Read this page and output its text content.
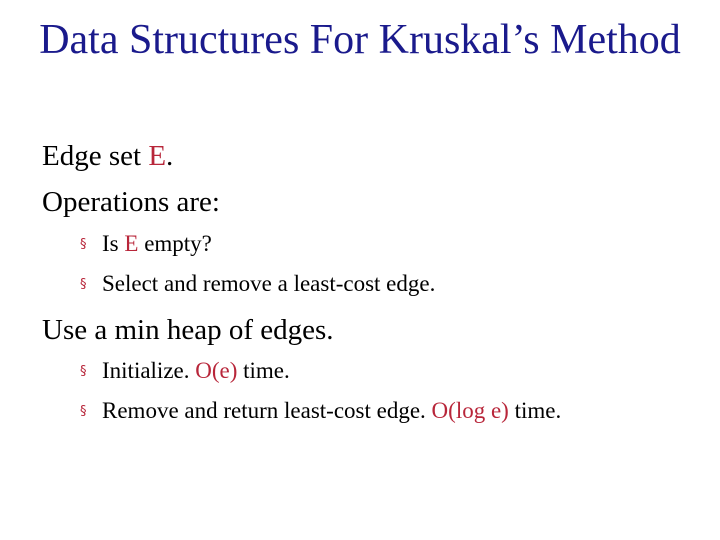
Data Structures For Kruskal’s Method
Edge set E.
Operations are:
§ Is E empty?
§ Select and remove a least-cost edge.
Use a min heap of edges.
§ Initialize. O(e) time.
§ Remove and return least-cost edge. O(log e) time.
